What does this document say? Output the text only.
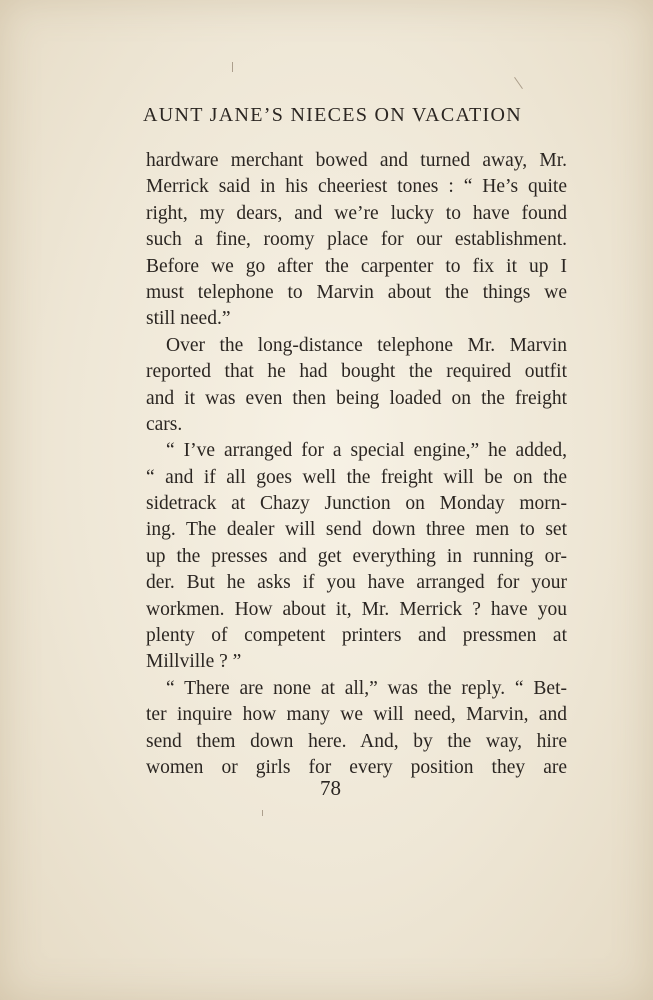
AUNT JANE’S NIECES ON VACATION
hardware merchant bowed and turned away, Mr.
Merrick said in his cheeriest tones : “ He’s quite
right, my dears, and we’re lucky to have found
such a fine, roomy place for our establishment.
Before we go after the carpenter to fix it up I
must telephone to Marvin about the things we
still need.”
Over the long-distance telephone Mr. Marvin
reported that he had bought the required outfit
and it was even then being loaded on the freight
cars.
“ I’ve arranged for a special engine,” he added,
“ and if all goes well the freight will be on the
sidetrack at Chazy Junction on Monday morn-
ing. The dealer will send down three men to set
up the presses and get everything in running or-
der. But he asks if you have arranged for your
workmen. How about it, Mr. Merrick ? have you
plenty of competent printers and pressmen at
Millville ? ”
“ There are none at all,” was the reply. “ Bet-
ter inquire how many we will need, Marvin, and
send them down here. And, by the way, hire
women or girls for every position they are
78
